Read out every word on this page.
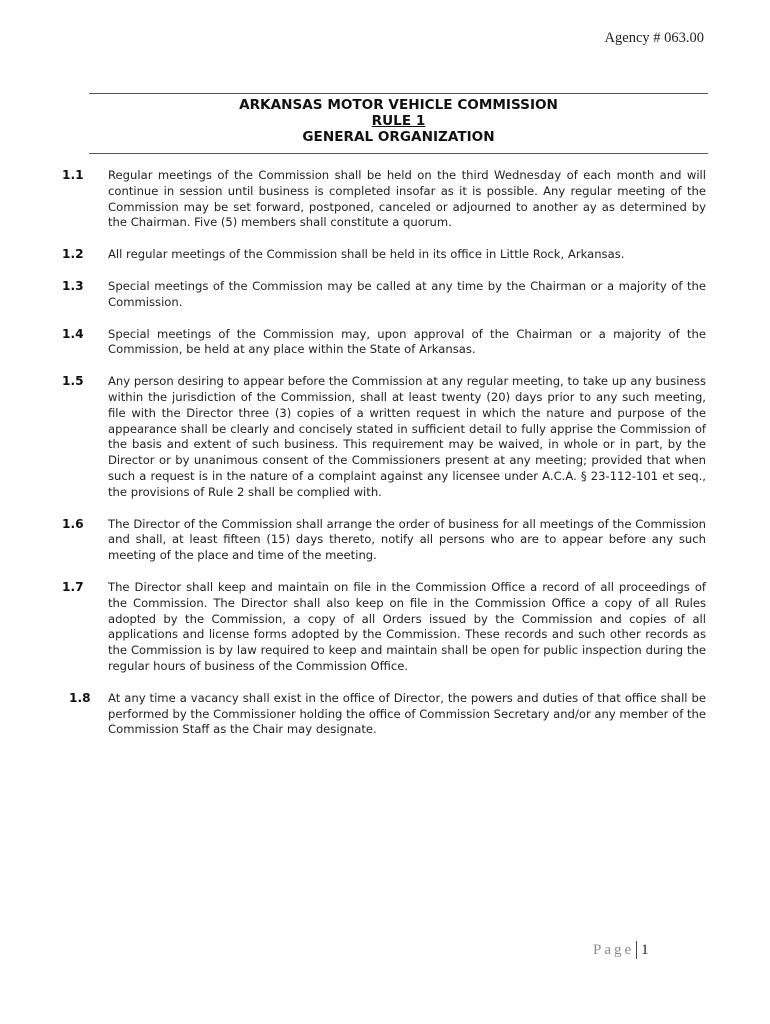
Agency # 063.00
ARKANSAS MOTOR VEHICLE COMMISSION
RULE 1
GENERAL ORGANIZATION
1.1	Regular meetings of the Commission shall be held on the third Wednesday of each month and will continue in session until business is completed insofar as it is possible. Any regular meeting of the Commission may be set forward, postponed, canceled or adjourned to another ay as determined by the Chairman. Five (5) members shall constitute a quorum.
1.2	All regular meetings of the Commission shall be held in its office in Little Rock, Arkansas.
1.3	Special meetings of the Commission may be called at any time by the Chairman or a majority of the Commission.
1.4	Special meetings of the Commission may, upon approval of the Chairman or a majority of the Commission, be held at any place within the State of Arkansas.
1.5	Any person desiring to appear before the Commission at any regular meeting, to take up any business within the jurisdiction of the Commission, shall at least twenty (20) days prior to any such meeting, file with the Director three (3) copies of a written request in which the nature and purpose of the appearance shall be clearly and concisely stated in sufficient detail to fully apprise the Commission of the basis and extent of such business. This requirement may be waived, in whole or in part, by the Director or by unanimous consent of the Commissioners present at any meeting; provided that when such a request is in the nature of a complaint against any licensee under A.C.A. § 23-112-101 et seq., the provisions of Rule 2 shall be complied with.
1.6	The Director of the Commission shall arrange the order of business for all meetings of the Commission and shall, at least fifteen (15) days thereto, notify all persons who are to appear before any such meeting of the place and time of the meeting.
1.7	The Director shall keep and maintain on file in the Commission Office a record of all proceedings of the Commission. The Director shall also keep on file in the Commission Office a copy of all Rules adopted by the Commission, a copy of all Orders issued by the Commission and copies of all applications and license forms adopted by the Commission. These records and such other records as the Commission is by law required to keep and maintain shall be open for public inspection during the regular hours of business of the Commission Office.
1.8	At any time a vacancy shall exist in the office of Director, the powers and duties of that office shall be performed by the Commissioner holding the office of Commission Secretary and/or any member of the Commission Staff as the Chair may designate.
Page 1
